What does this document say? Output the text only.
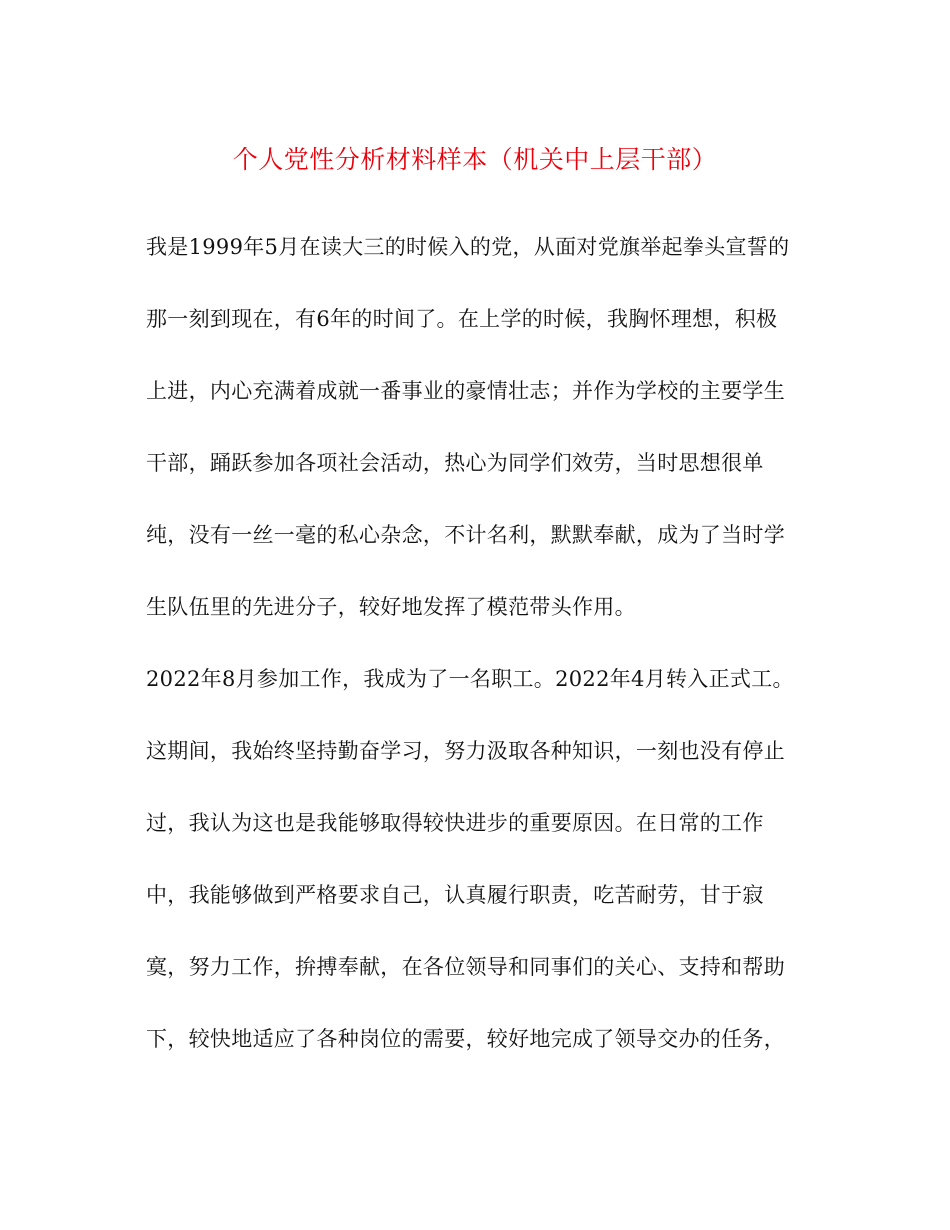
个人党性分析材料样本（机关中上层干部）
我是1999年5月在读大三的时候入的党，从面对党旗举起拳头宣誓的
那一刻到现在，有6年的时间了。在上学的时候，我胸怀理想，积极
上进，内心充满着成就一番事业的豪情壮志；并作为学校的主要学生
干部，踊跃参加各项社会活动，热心为同学们效劳，当时思想很单
纯，没有一丝一毫的私心杂念，不计名利，默默奉献，成为了当时学
生队伍里的先进分子，较好地发挥了模范带头作用。
2022年8月参加工作，我成为了一名职工。2022年4月转入正式工。
这期间，我始终坚持勤奋学习，努力汲取各种知识，一刻也没有停止
过，我认为这也是我能够取得较快进步的重要原因。在日常的工作
中，我能够做到严格要求自己，认真履行职责，吃苦耐劳，甘于寂
寞，努力工作，拚搏奉献，在各位领导和同事们的关心、支持和帮助
下，较快地适应了各种岗位的需要，较好地完成了领导交办的任务，
